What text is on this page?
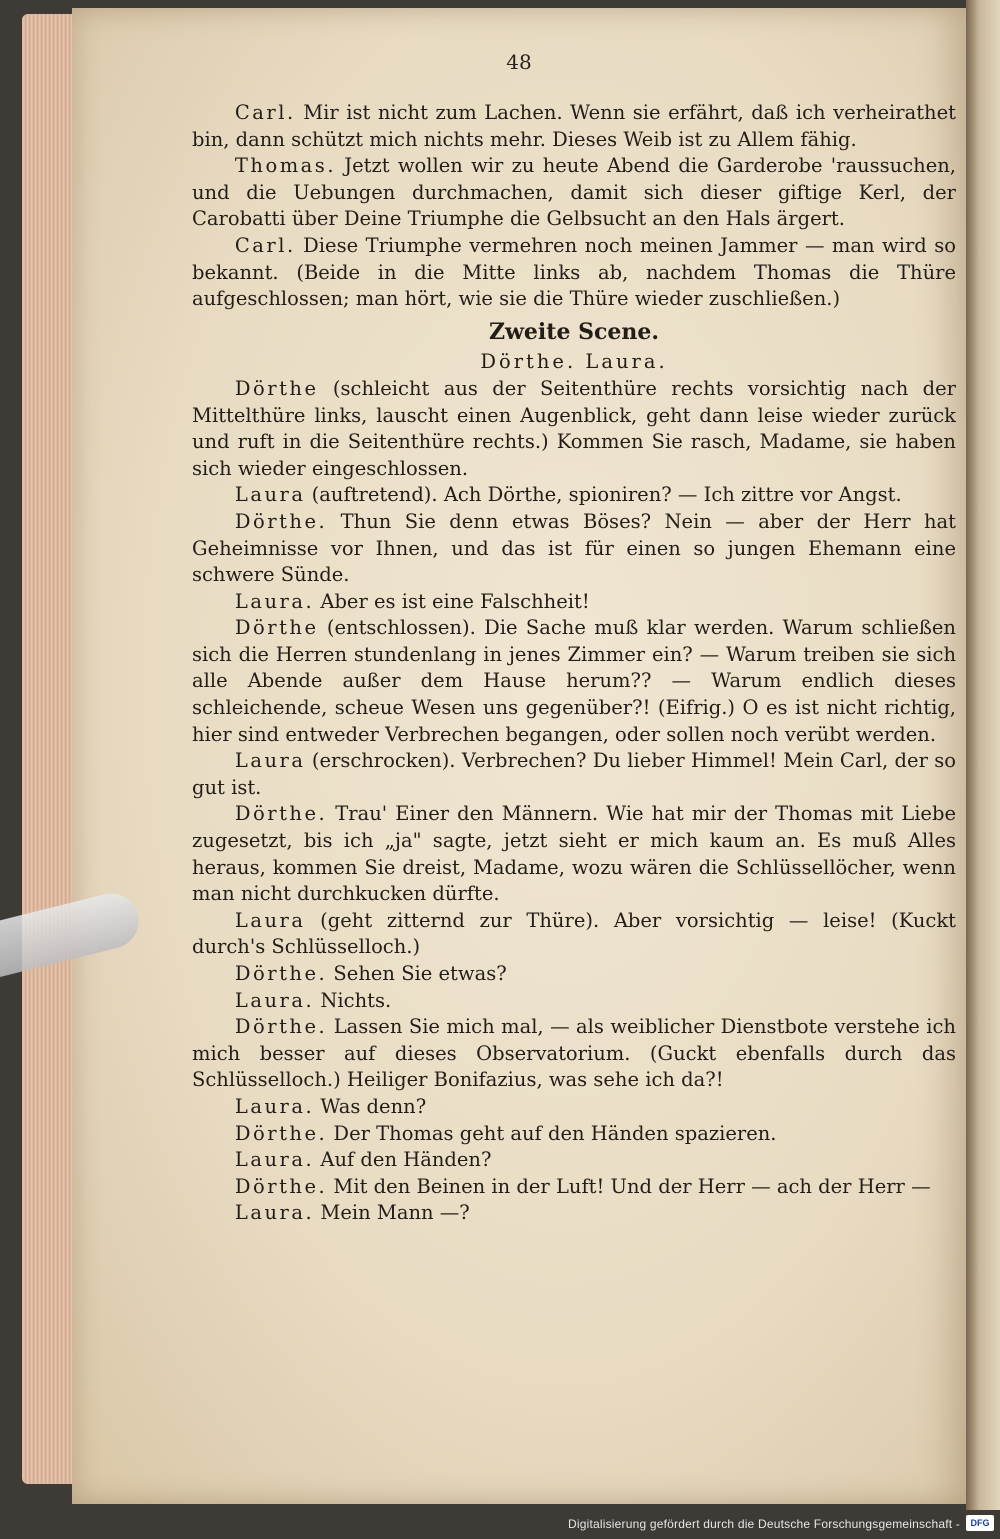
48

Carl. Mir ist nicht zum Lachen. Wenn sie erfährt, daß ich verheirathet bin, dann schützt mich nichts mehr. Dieses Weib ist zu Allem fähig.

Thomas. Jetzt wollen wir zu heute Abend die Garderobe 'raussuchen, und die Uebungen durchmachen, damit sich dieser giftige Kerl, der Carobatti über Deine Triumphe die Gelbsucht an den Hals ärgert.

Carl. Diese Triumphe vermehren noch meinen Jammer — man wird so bekannt. (Beide in die Mitte links ab, nachdem Thomas die Thüre aufgeschlossen; man hört, wie sie die Thüre wieder zuschließen.)

Zweite Scene.

Dörthe. Laura.

Dörthe (schleicht aus der Seitenthüre rechts vorsichtig nach der Mittelthüre links, lauscht einen Augenblick, geht dann leise wieder zurück und ruft in die Seitenthüre rechts.) Kommen Sie rasch, Madame, sie haben sich wieder eingeschlossen.

Laura (auftretend). Ach Dörthe, spioniren? — Ich zittre vor Angst.

Dörthe. Thun Sie denn etwas Böses? Nein — aber der Herr hat Geheimnisse vor Ihnen, und das ist für einen so jungen Ehemann eine schwere Sünde.

Laura. Aber es ist eine Falschheit!

Dörthe (entschlossen). Die Sache muß klar werden. Warum schließen sich die Herren stundenlang in jenes Zimmer ein? — Warum treiben sie sich alle Abende außer dem Hause herum?? — Warum endlich dieses schleichende, scheue Wesen uns gegenüber?! (Eifrig.) O es ist nicht richtig, hier sind entweder Verbrechen begangen, oder sollen noch verübt werden.

Laura (erschrocken). Verbrechen? Du lieber Himmel! Mein Carl, der so gut ist.

Dörthe. Trau' Einer den Männern. Wie hat mir der Thomas mit Liebe zugesetzt, bis ich „ja" sagte, jetzt sieht er mich kaum an. Es muß Alles heraus, kommen Sie dreist, Madame, wozu wären die Schlüssellöcher, wenn man nicht durchkucken dürfte.

Laura (geht zitternd zur Thüre). Aber vorsichtig — leise! (Kuckt durch's Schlüsselloch.)

Dörthe. Sehen Sie etwas?

Laura. Nichts.

Dörthe. Lassen Sie mich mal, — als weiblicher Dienstbote verstehe ich mich besser auf dieses Observatorium. (Guckt ebenfalls durch das Schlüsselloch.) Heiliger Bonifazius, was sehe ich da?!

Laura. Was denn?

Dörthe. Der Thomas geht auf den Händen spazieren.

Laura. Auf den Händen?

Dörthe. Mit den Beinen in der Luft! Und der Herr — ach der Herr —

Laura. Mein Mann —?

Digitalisierung gefördert durch die Deutsche Forschungsgemeinschaft -	DFG
